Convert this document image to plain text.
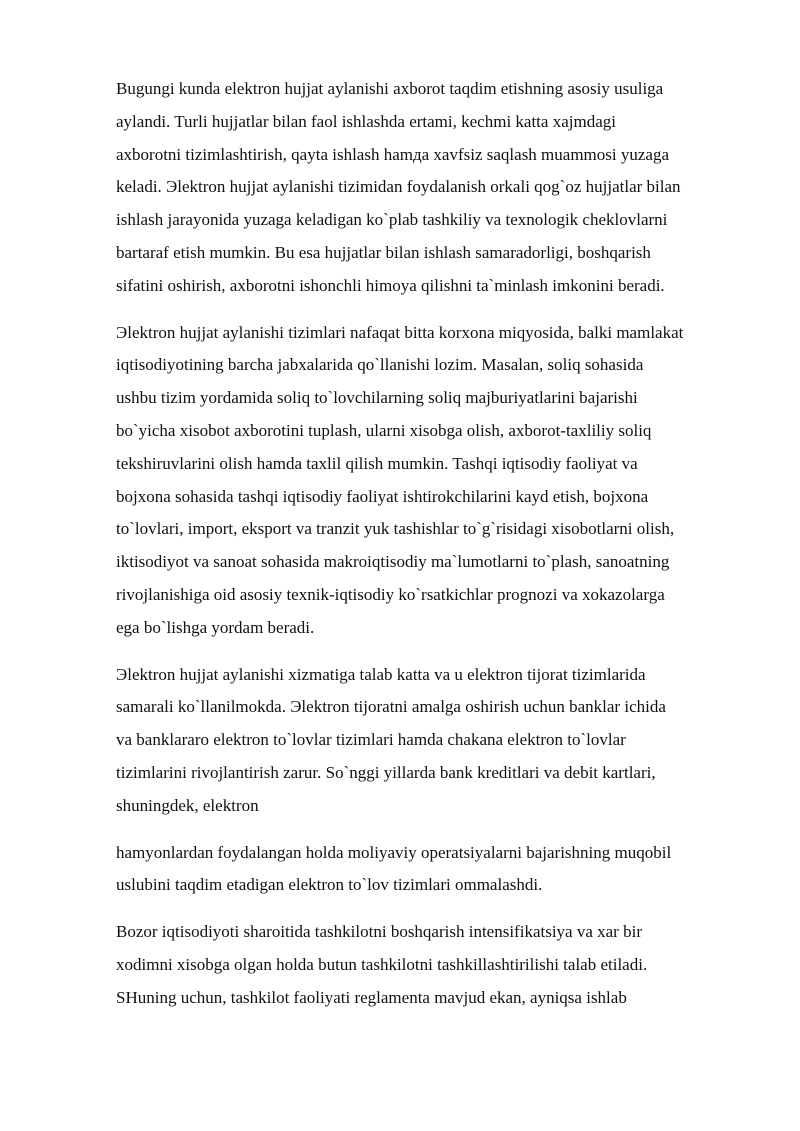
Bugungi kunda elektron hujjat aylanishi axborot taqdim etishning asosiy usuliga
aylandi. Turli hujjatlar bilan faol ishlashda ertami, kechmi katta xajmdagi
axborotni tizimlashtirish, qayta ishlash hamдa xavfsiz saqlash muammosi yuzaga
keladi. Эlektron hujjat aylanishi tizimidan foydalanish orkali qog`oz hujjatlar bilan
ishlash jarayonida yuzaga keladigan ko`plab tashkiliy va texnologik cheklovlarni
bartaraf etish mumkin. Bu esa hujjatlar bilan ishlash samaradorligi, boshqarish
sifatini oshirish, axborotni ishonchli himoya qilishni ta`minlash imkonini beradi.

Эlektron hujjat aylanishi tizimlari nafaqat bitta korxona miqyosida, balki mamlakat
iqtisodiyotining barcha jabxalarida qo`llanishi lozim. Masalan, soliq sohasida
ushbu tizim yordamida soliq to`lovchilarning soliq majburiyatlarini bajarishi
bo`yicha xisobot axborotini tuplash, ularni xisobga olish, axborot-taxliliy soliq
tekshiruvlarini olish hamda taxlil qilish mumkin. Tashqi iqtisodiy faoliyat va
bojxona sohasida tashqi iqtisodiy faoliyat ishtirokchilarini kayd etish, bojxona
to`lovlari, import, eksport va tranzit yuk tashishlar to`g`risidagi xisobotlarni olish,
iktisodiyot va sanoat sohasida makroiqtisodiy ma`lumotlarni to`plash, sanoatning
rivojlanishiga oid asosiy texnik-iqtisodiy ko`rsatkichlar prognozi va xokazolarga
ega bo`lishga yordam beradi.

Эlektron hujjat aylanishi xizmatiga talab katta va u elektron tijorat tizimlarida
samarali ko`llanilmokda. Эlektron tijoratni amalga oshirish uchun banklar ichida
va banklararo elektron to`lovlar tizimlari hamda chakana elektron to`lovlar
tizimlarini rivojlantirish zarur. So`nggi yillarda bank kreditlari va debit kartlari,
shuningdek, elektron

hamyonlardan foydalangan holda moliyaviy operatsiyalarni bajarishning muqobil
uslubini taqdim etadigan elektron to`lov tizimlari ommalashdi.

Bozor iqtisodiyoti sharoitida tashkilotni boshqarish intensifikatsiya va xar bir
xodimni xisobga olgan holda butun tashkilotni tashkillashtirilishi talab etiladi.
SHuning uchun, tashkilot faoliyati reglamenta mavjud ekan, ayniqsa ishlab
